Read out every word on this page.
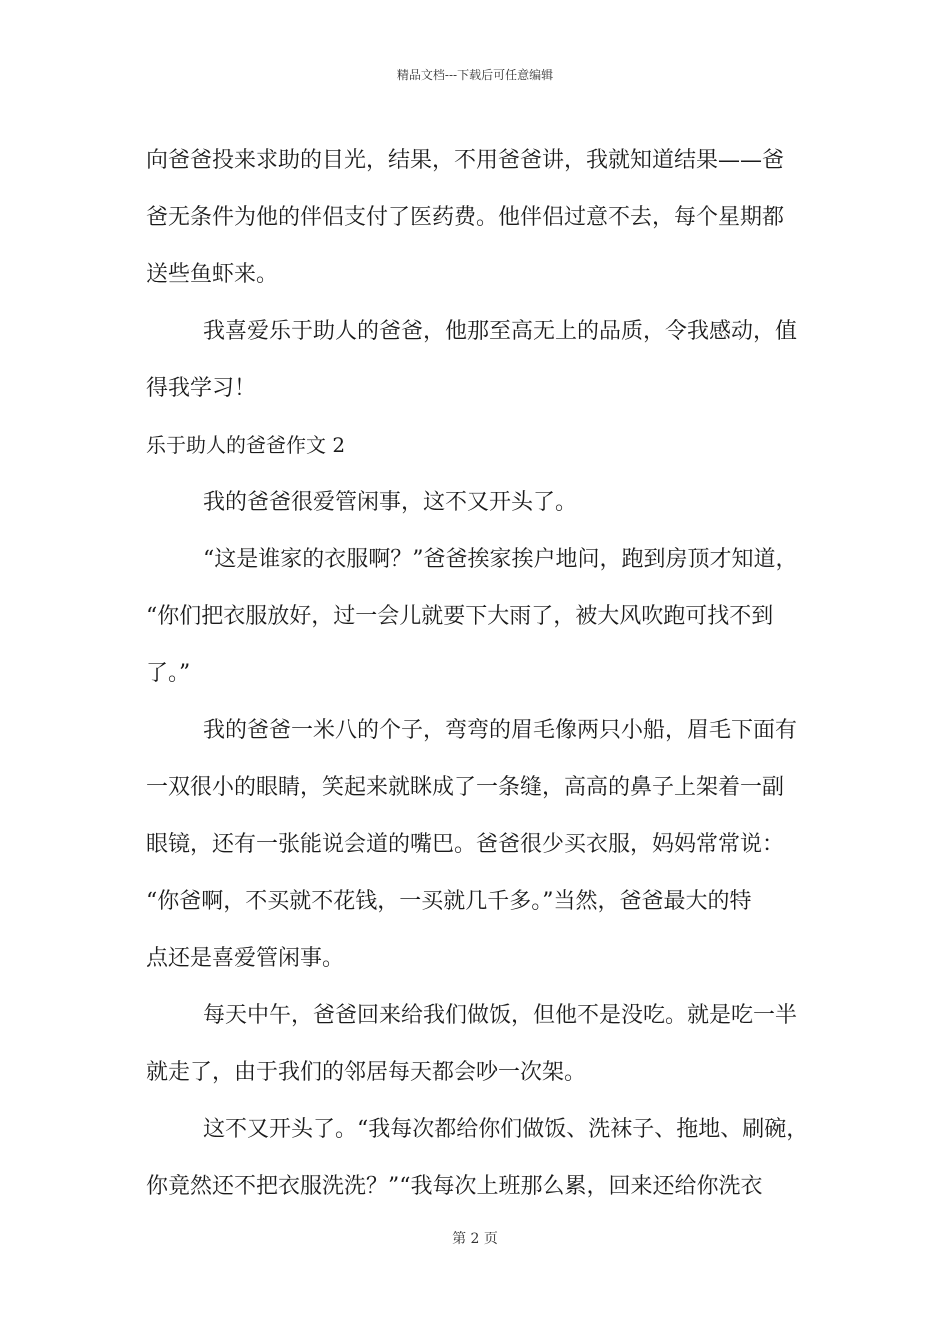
精品文档---下载后可任意编辑
向爸爸投来求助的目光，结果，不用爸爸讲，我就知道结果——爸
爸无条件为他的伴侣支付了医药费。他伴侣过意不去，每个星期都
送些鱼虾来。
我喜爱乐于助人的爸爸，他那至高无上的品质，令我感动，值
得我学习！
乐于助人的爸爸作文 2
我的爸爸很爱管闲事，这不又开头了。
“这是谁家的衣服啊？”爸爸挨家挨户地问，跑到房顶才知道，
“你们把衣服放好，过一会儿就要下大雨了，被大风吹跑可找不到
了。”
我的爸爸一米八的个子，弯弯的眉毛像两只小船，眉毛下面有
一双很小的眼睛，笑起来就眯成了一条缝，高高的鼻子上架着一副
眼镜，还有一张能说会道的嘴巴。爸爸很少买衣服，妈妈常常说：
“你爸啊，不买就不花钱，一买就几千多。”当然，爸爸最大的特
点还是喜爱管闲事。
每天中午，爸爸回来给我们做饭，但他不是没吃。就是吃一半
就走了，由于我们的邻居每天都会吵一次架。
这不又开头了。“我每次都给你们做饭、洗袜子、拖地、刷碗，
你竟然还不把衣服洗洗？”“我每次上班那么累，回来还给你洗衣
第 2 页
